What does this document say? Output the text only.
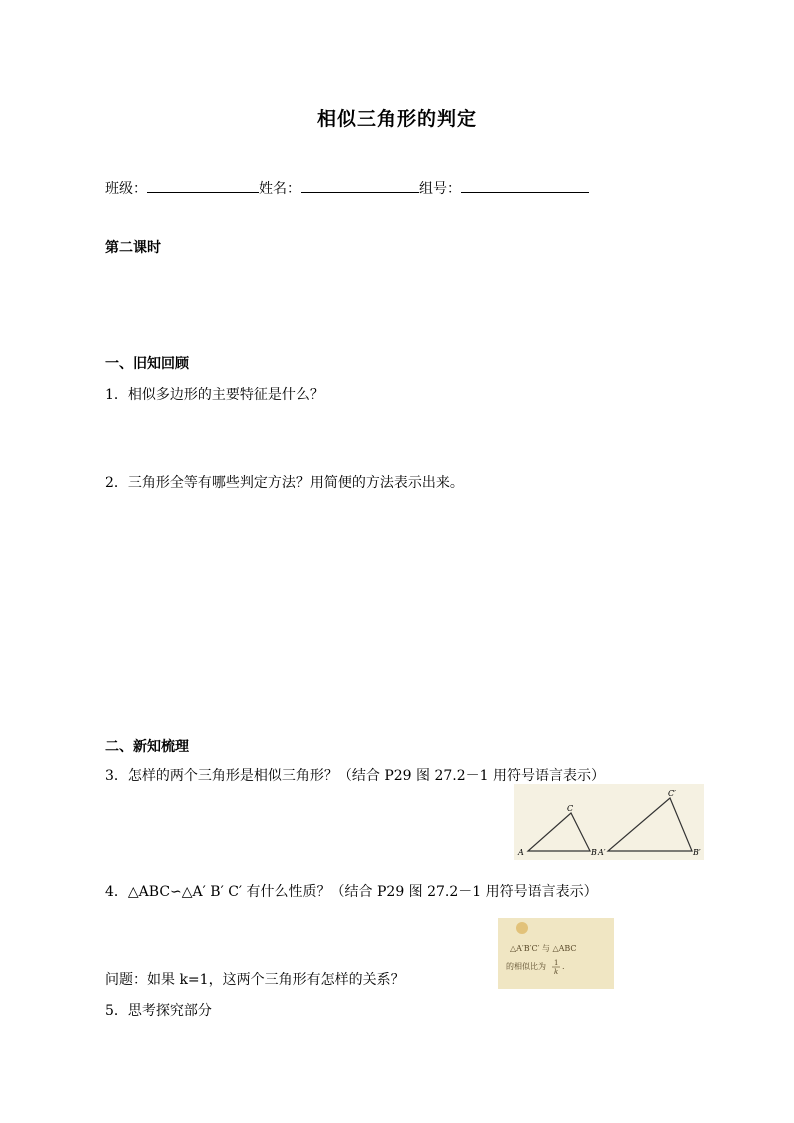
相似三角形的判定
班级：	姓名：	组号：
第二课时
一、旧知回顾
1．相似多边形的主要特征是什么？
2．三角形全等有哪些判定方法？用简便的方法表示出来。
二、新知梳理
3．怎样的两个三角形是相似三角形？（结合 P29 图 27.2－1 用符号语言表示）
C
A	B
C′
A′	B′
4．△ABC∽△A′ B′ C′ 有什么性质？（结合 P29 图 27.2－1 用符号语言表示）
△A′B′C′ 与 △ABC
的相似比为 1
k
.
问题：如果 k=1，这两个三角形有怎样的关系？
5．思考探究部分
